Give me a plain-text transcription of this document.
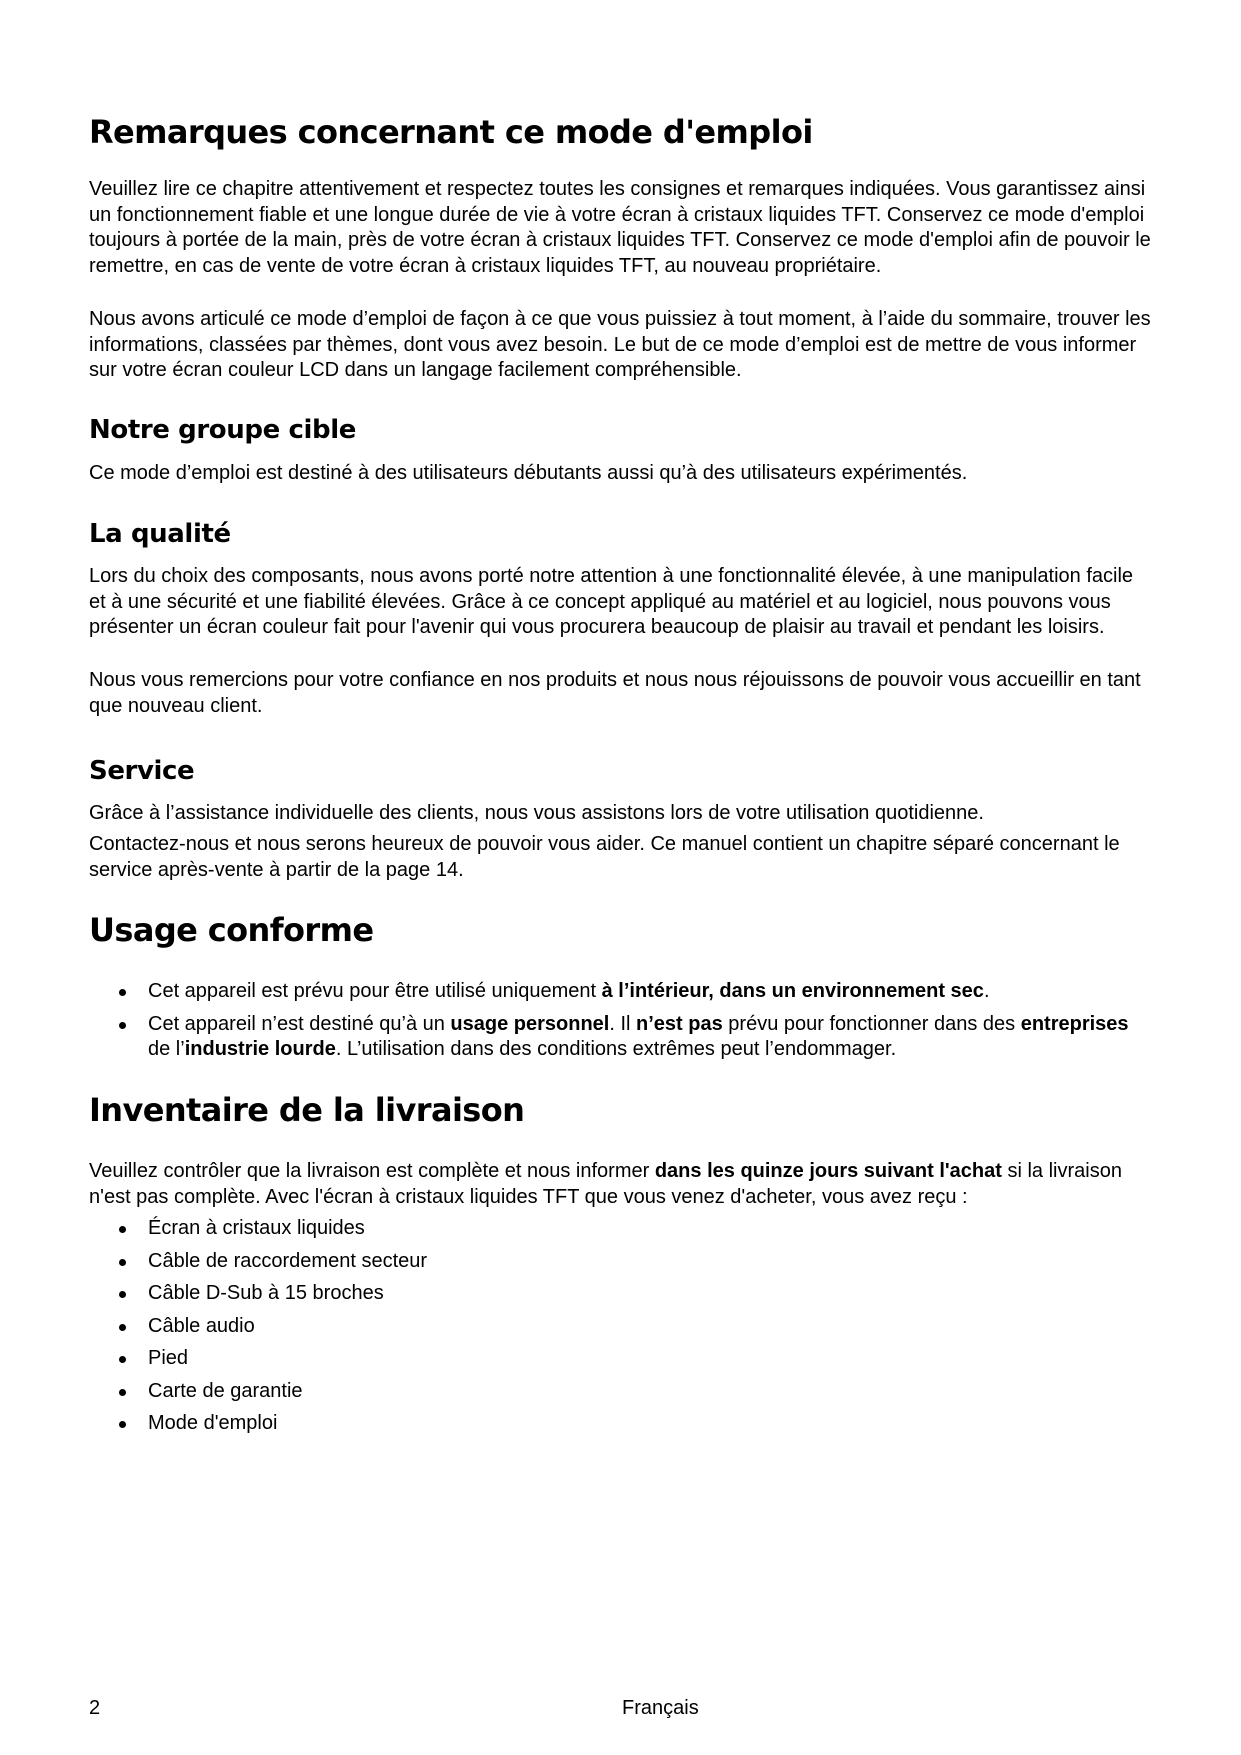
Remarques concernant ce mode d'emploi

Veuillez lire ce chapitre attentivement et respectez toutes les consignes et remarques indiquées. Vous garantissez ainsi un fonctionnement fiable et une longue durée de vie à votre écran à cristaux liquides TFT. Conservez ce mode d'emploi toujours à portée de la main, près de votre écran à cristaux liquides TFT. Conservez ce mode d'emploi afin de pouvoir le remettre, en cas de vente de votre écran à cristaux liquides TFT, au nouveau propriétaire.

Nous avons articulé ce mode d’emploi de façon à ce que vous puissiez à tout moment, à l’aide du sommaire, trouver les informations, classées par thèmes, dont vous avez besoin. Le but de ce mode d’emploi est de mettre de vous informer sur votre écran couleur LCD dans un langage facilement compréhensible.

Notre groupe cible

Ce mode d’emploi est destiné à des utilisateurs débutants aussi qu’à des utilisateurs expérimentés.

La qualité

Lors du choix des composants, nous avons porté notre attention à une fonctionnalité élevée, à une manipulation facile et à une sécurité et une fiabilité élevées. Grâce à ce concept appliqué au matériel et au logiciel, nous pouvons vous présenter un écran couleur fait pour l'avenir qui vous procurera beaucoup de plaisir au travail et pendant les loisirs.

Nous vous remercions pour votre confiance en nos produits et nous nous réjouissons de pouvoir vous accueillir en tant que nouveau client.

Service

Grâce à l’assistance individuelle des clients, nous vous assistons lors de votre utilisation quotidienne.

Contactez-nous et nous serons heureux de pouvoir vous aider. Ce manuel contient un chapitre séparé concernant le service après-vente à partir de la page 14.

Usage conforme
Cet appareil est prévu pour être utilisé uniquement à l’intérieur, dans un environnement sec.
Cet appareil n’est destiné qu’à un usage personnel. Il n’est pas prévu pour fonctionner dans des entreprises de l’industrie lourde. L’utilisation dans des conditions extrêmes peut l’endommager.
Inventaire de la livraison

Veuillez contrôler que la livraison est complète et nous informer dans les quinze jours suivant l'achat si la livraison n'est pas complète. Avec l'écran à cristaux liquides TFT que vous venez d'acheter, vous avez reçu :

Écran à cristaux liquides
Câble de raccordement secteur
Câble D-Sub à 15 broches
Câble audio
Pied
Carte de garantie
Mode d'emploi
2	Français
